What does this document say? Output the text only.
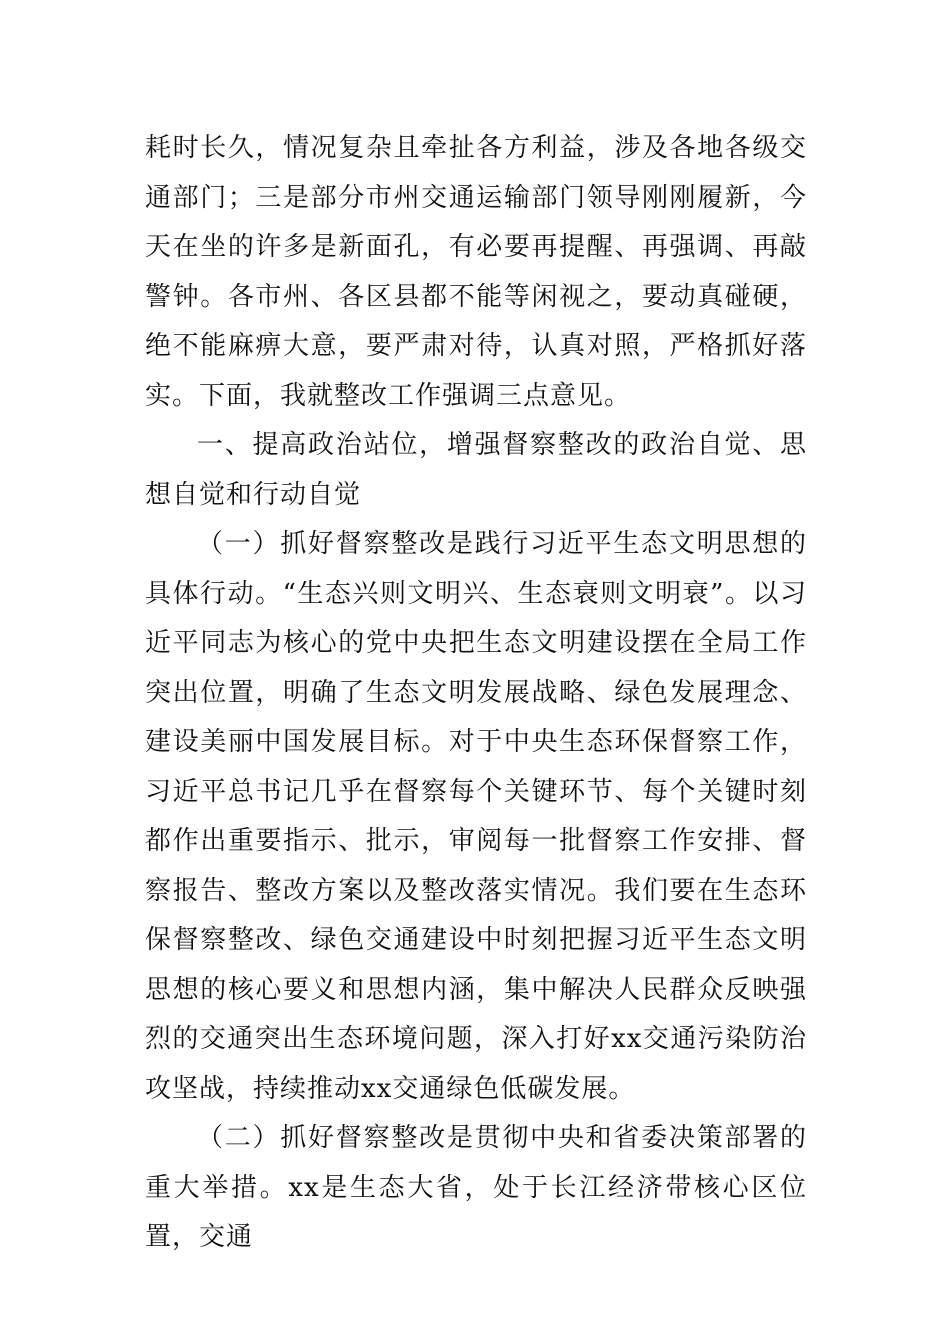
耗时长久，情况复杂且牵扯各方利益，涉及各地各级交通部门；三是部分市州交通运输部门领导刚刚履新，今天在坐的许多是新面孔，有必要再提醒、再强调、再敲警钟。各市州、各区县都不能等闲视之，要动真碰硬，绝不能麻痹大意，要严肃对待，认真对照，严格抓好落实。下面，我就整改工作强调三点意见。

一、提高政治站位，增强督察整改的政治自觉、思想自觉和行动自觉

（一）抓好督察整改是践行习近平生态文明思想的具体行动。“生态兴则文明兴、生态衰则文明衰”。以习近平同志为核心的党中央把生态文明建设摆在全局工作突出位置，明确了生态文明发展战略、绿色发展理念、建设美丽中国发展目标。对于中央生态环保督察工作，习近平总书记几乎在督察每个关键环节、每个关键时刻都作出重要指示、批示，审阅每一批督察工作安排、督察报告、整改方案以及整改落实情况。我们要在生态环保督察整改、绿色交通建设中时刻把握习近平生态文明思想的核心要义和思想内涵，集中解决人民群众反映强烈的交通突出生态环境问题，深入打好xx交通污染防治攻坚战，持续推动xx交通绿色低碳发展。

（二）抓好督察整改是贯彻中央和省委决策部署的重大举措。xx是生态大省，处于长江经济带核心区位置，交通
